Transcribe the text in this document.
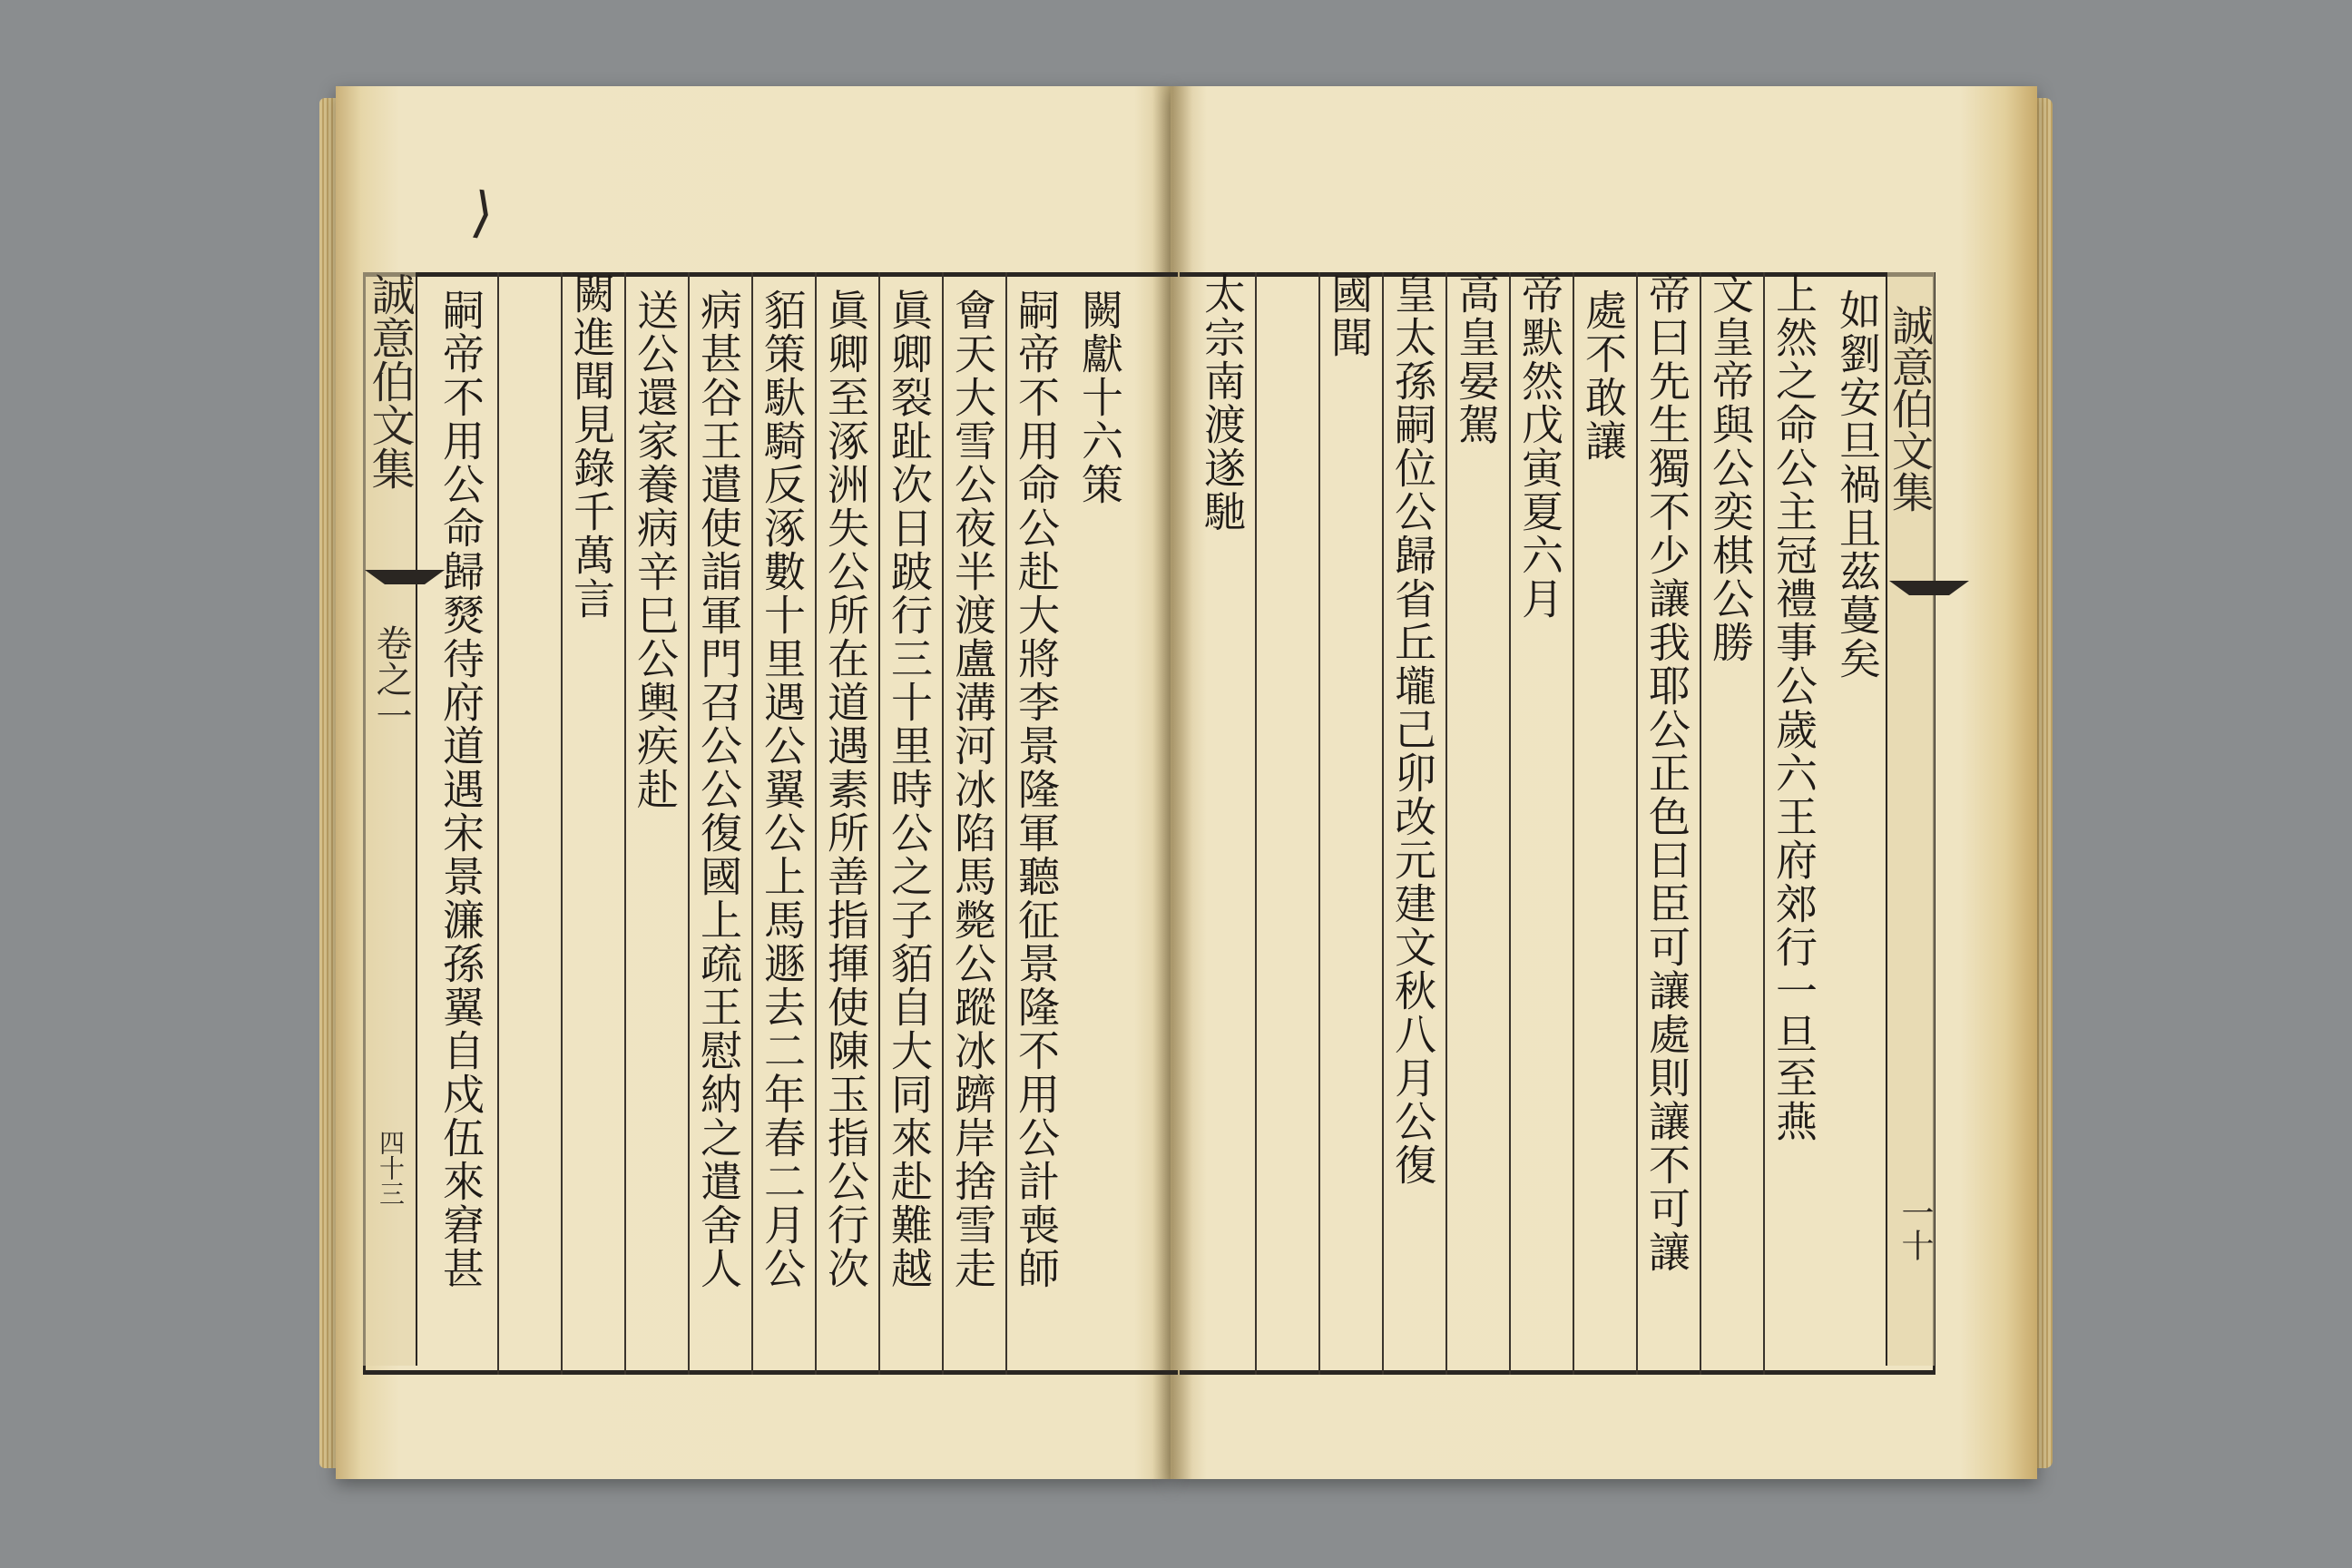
誠意伯文集
卷之一
四十三
誠意伯文集
一十
⟩
闕獻十六策
嗣帝不用命公赴大將李景隆軍聽征景隆不用公計喪師
會天大雪公夜半渡盧溝河冰陷馬斃公蹤冰躋岸捨雪走
眞卿裂趾次日跛行三十里時公之子貊自大同來赴難越
眞卿至涿洲失公所在道遇素所善指揮使陳玉指公行次
貊策馱騎反涿數十里遇公翼公上馬遯去二年春二月公
病甚谷王遣使詣軍門召公公復國上疏王慰納之遣舍人
送公還家養病辛巳公輿疾赴
闕進聞見錄千萬言
嗣帝不用公命歸燹待府道遇宋景濂孫翼自戍伍來窘甚	如劉安旦禍且茲蔓矣
上然之命公主冠禮事公歲六王府郊行一旦至燕
文皇帝與公奕棋公勝
帝曰先生獨不少讓我耶公正色曰臣可讓處則讓不可讓
處不敢讓
帝默然戊寅夏六月
高皇晏駕
皇太孫嗣位公歸省丘壠己卯改元建文秋八月公復
國聞
太宗南渡遂馳
